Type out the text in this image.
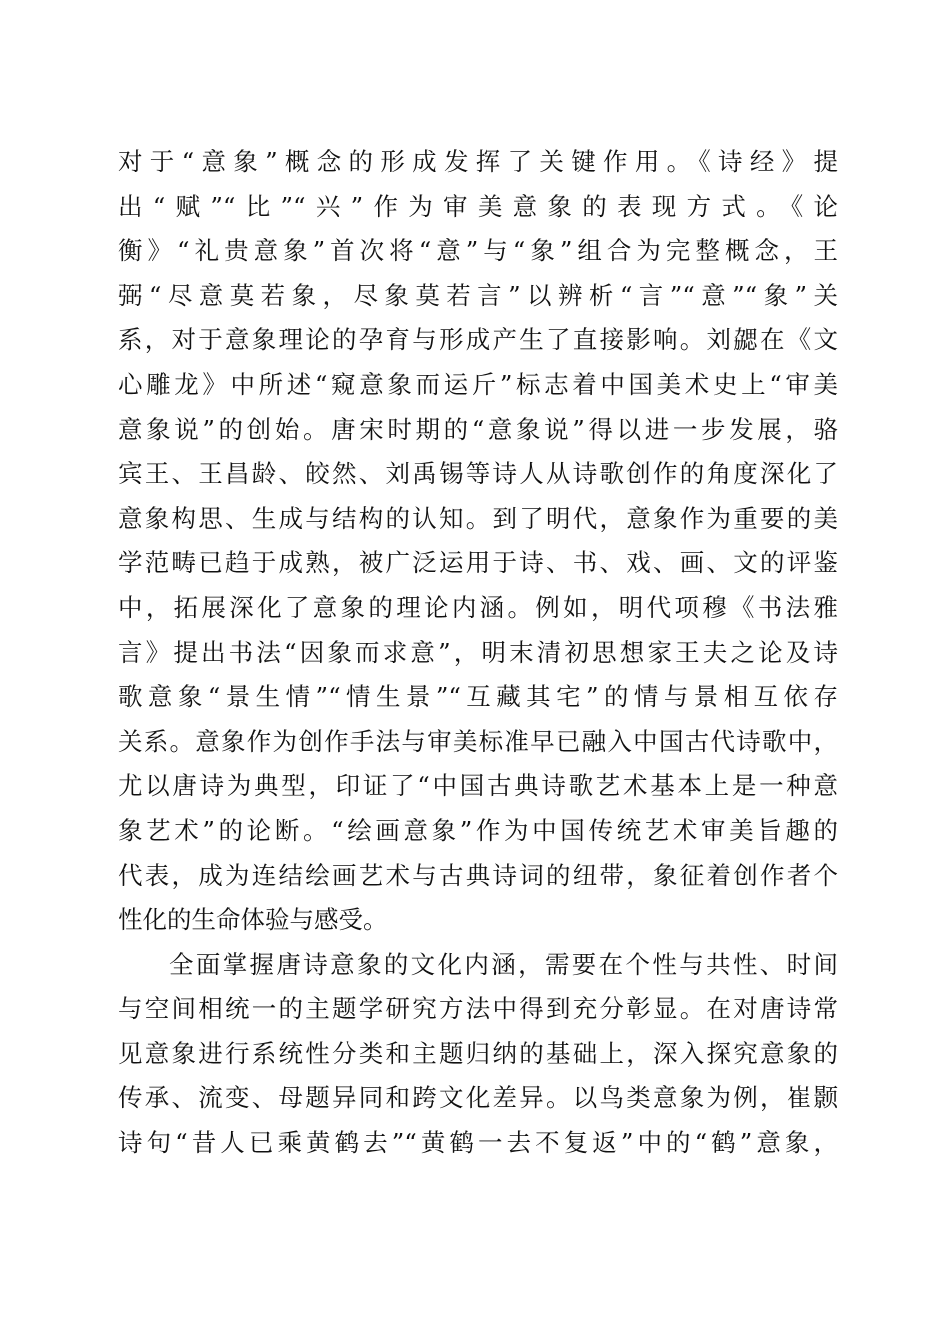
对于“意象”概念的形成发挥了关键作用。《诗经》提
出“赋”“比”“兴”作为审美意象的表现方式。《论
衡》“礼贵意象”首次将“意”与“象”组合为完整概念，王
弼“尽意莫若象，尽象莫若言”以辨析“言”“意”“象”关
系，对于意象理论的孕育与形成产生了直接影响。刘勰在《文
心雕龙》中所述“窥意象而运斤”标志着中国美术史上“审美
意象说”的创始。唐宋时期的“意象说”得以进一步发展，骆
宾王、王昌龄、皎然、刘禹锡等诗人从诗歌创作的角度深化了
意象构思、生成与结构的认知。到了明代，意象作为重要的美
学范畴已趋于成熟，被广泛运用于诗、书、戏、画、文的评鉴
中，拓展深化了意象的理论内涵。例如，明代项穆《书法雅
言》提出书法“因象而求意”，明末清初思想家王夫之论及诗
歌意象“景生情”“情生景”“互藏其宅”的情与景相互依存
关系。意象作为创作手法与审美标准早已融入中国古代诗歌中，
尤以唐诗为典型，印证了“中国古典诗歌艺术基本上是一种意
象艺术”的论断。“绘画意象”作为中国传统艺术审美旨趣的
代表，成为连结绘画艺术与古典诗词的纽带，象征着创作者个
性化的生命体验与感受。
全面掌握唐诗意象的文化内涵，需要在个性与共性、时间
与空间相统一的主题学研究方法中得到充分彰显。在对唐诗常
见意象进行系统性分类和主题归纳的基础上，深入探究意象的
传承、流变、母题异同和跨文化差异。以鸟类意象为例，崔颢
诗句“昔人已乘黄鹤去”“黄鹤一去不复返”中的“鹤”意象，
